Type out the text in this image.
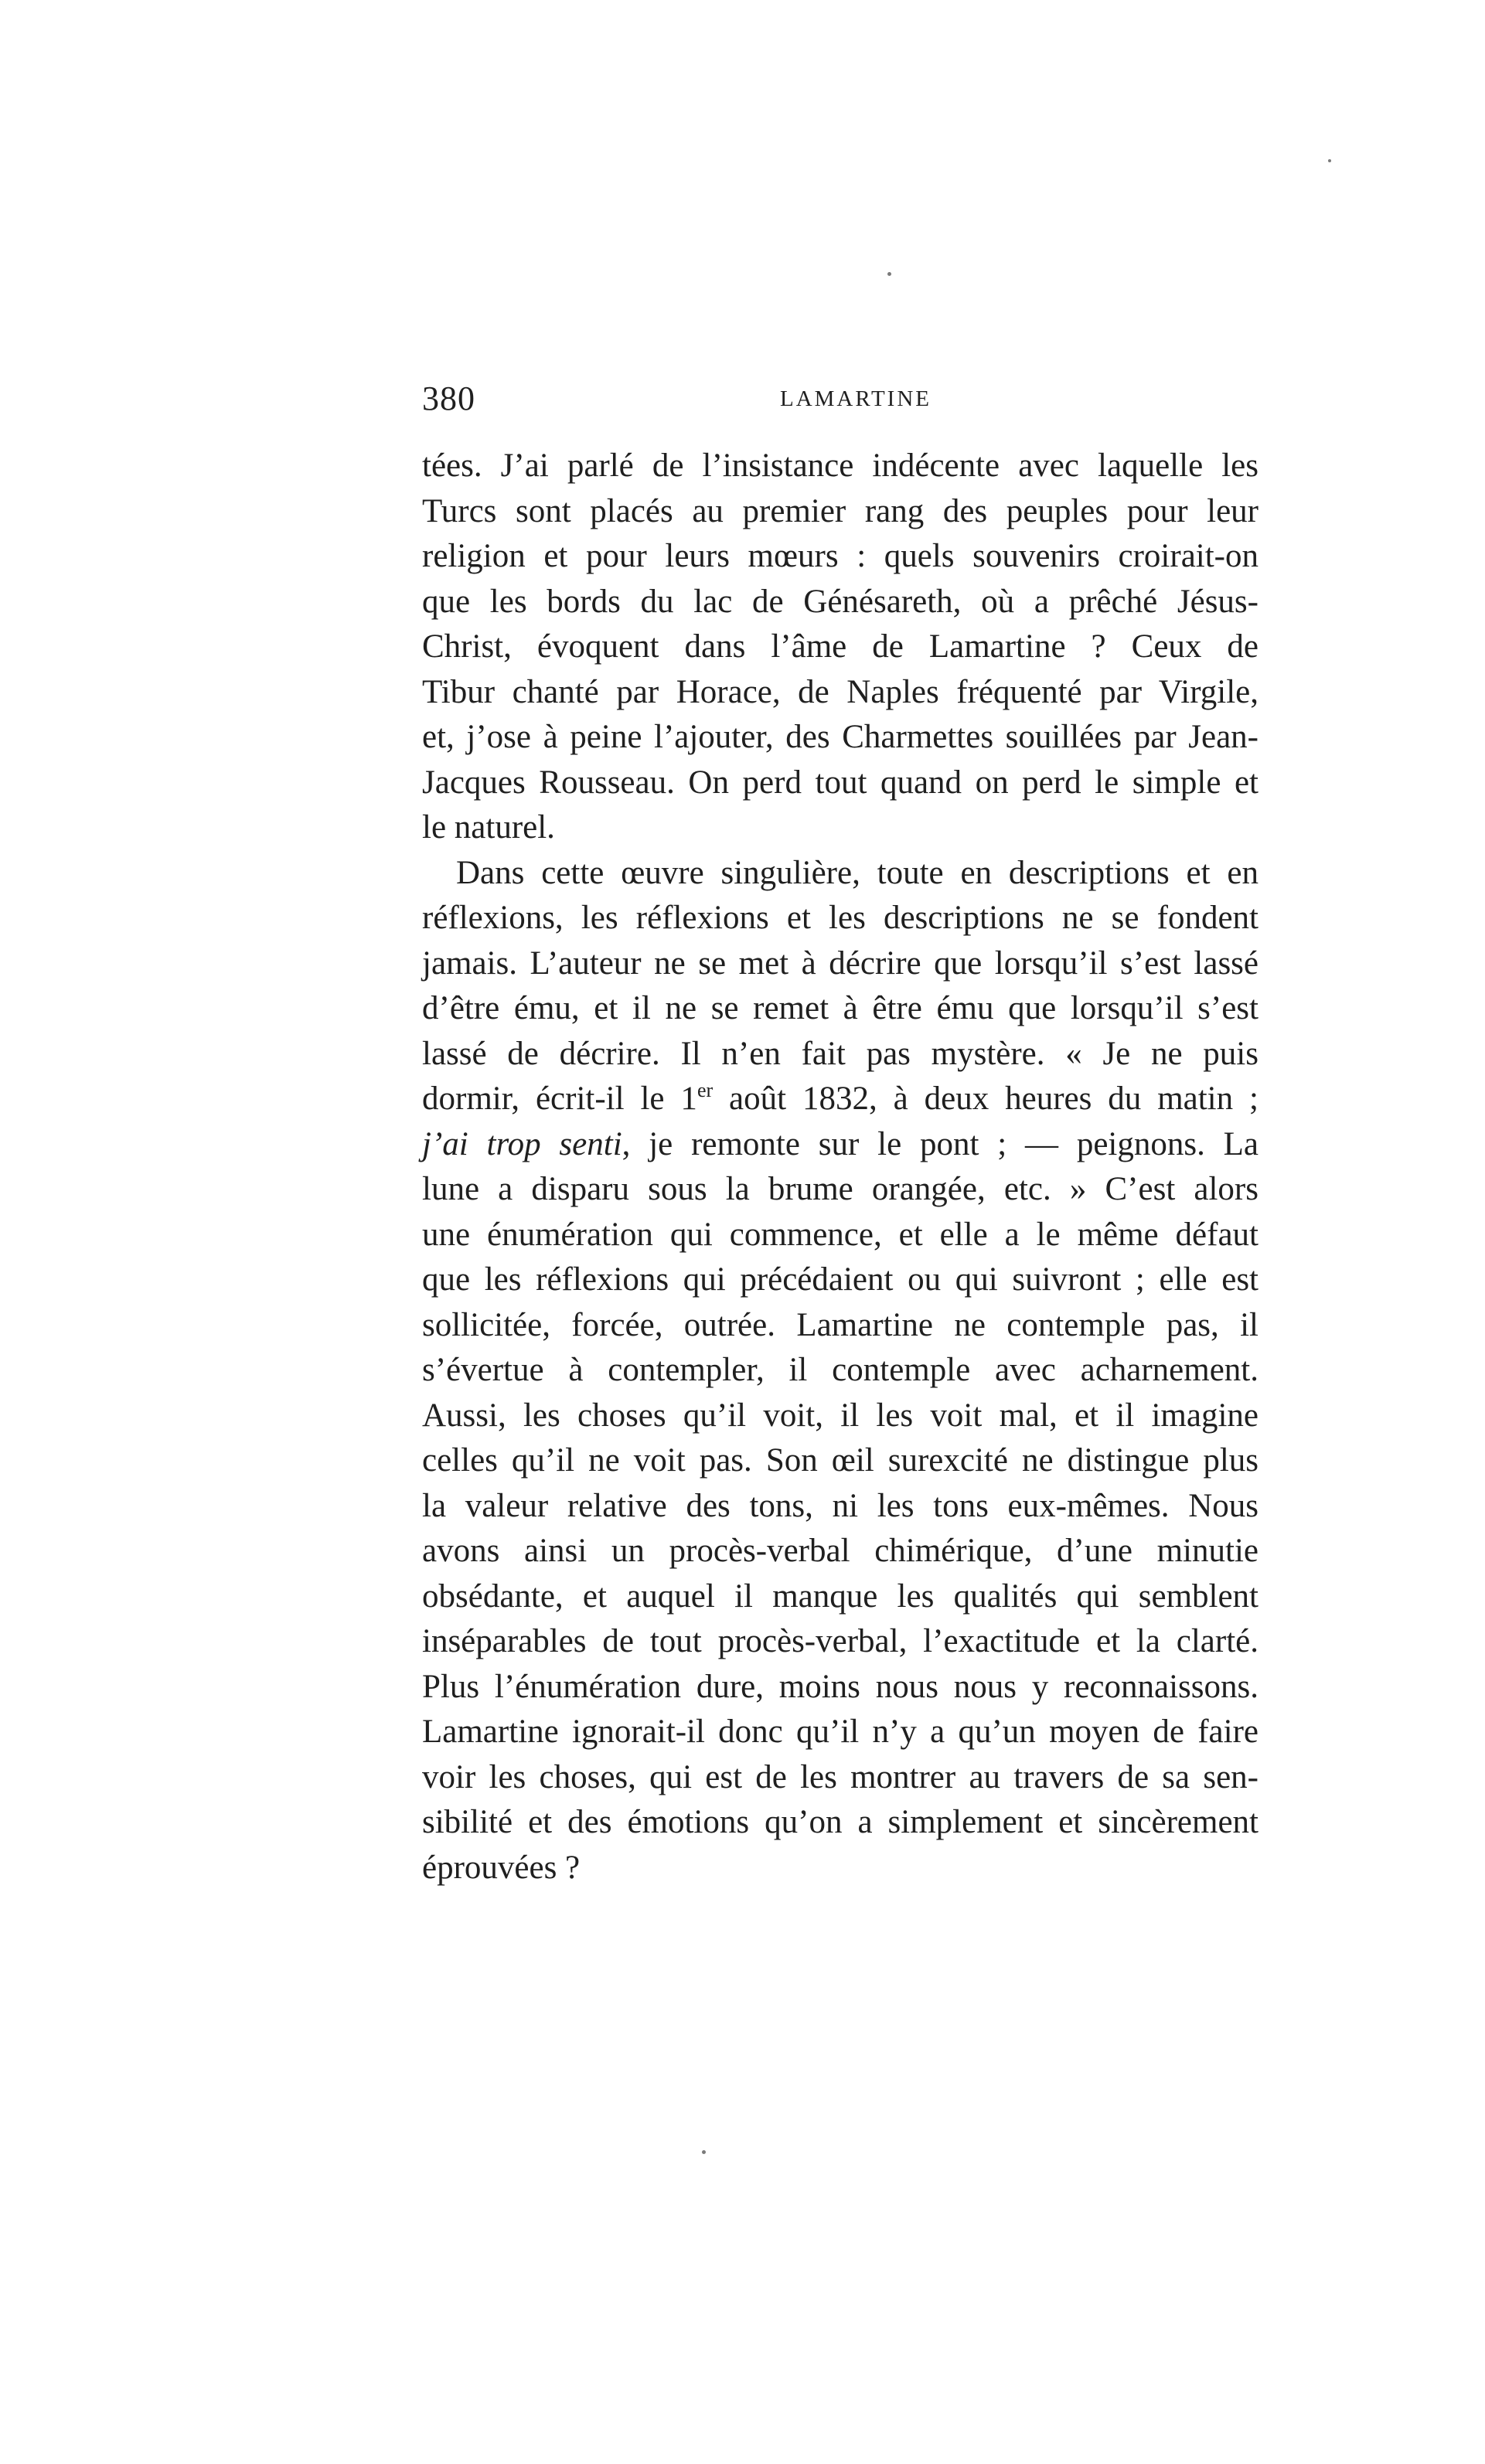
380	LAMARTINE
tées. J’ai parlé de l’insistance indécente avec laquelle les
Turcs sont placés au premier rang des peuples pour leur
religion et pour leurs mœurs : quels souvenirs croirait-on
que les bords du lac de Génésareth, où a prêché Jésus-
Christ, évoquent dans l’âme de Lamartine ? Ceux de
Tibur chanté par Horace, de Naples fréquenté par Virgile,
et, j’ose à peine l’ajouter, des Charmettes souillées par Jean-
Jacques Rousseau. On perd tout quand on perd le simple et
le naturel.
Dans cette œuvre singulière, toute en descriptions et en
réflexions, les réflexions et les descriptions ne se fondent
jamais. L’auteur ne se met à décrire que lorsqu’il s’est lassé
d’être ému, et il ne se remet à être ému que lorsqu’il s’est
lassé de décrire. Il n’en fait pas mystère. « Je ne puis
dormir, écrit-il le 1er août 1832, à deux heures du matin ;
j’ai trop senti, je remonte sur le pont ; — peignons. La
lune a disparu sous la brume orangée, etc. » C’est alors
une énumération qui commence, et elle a le même défaut
que les réflexions qui précédaient ou qui suivront ; elle est
sollicitée, forcée, outrée. Lamartine ne contemple pas, il
s’évertue à contempler, il contemple avec acharnement.
Aussi, les choses qu’il voit, il les voit mal, et il imagine
celles qu’il ne voit pas. Son œil surexcité ne distingue plus
la valeur relative des tons, ni les tons eux-mêmes. Nous
avons ainsi un procès-verbal chimérique, d’une minutie
obsédante, et auquel il manque les qualités qui semblent
inséparables de tout procès-verbal, l’exactitude et la clarté.
Plus l’énumération dure, moins nous nous y reconnaissons.
Lamartine ignorait-il donc qu’il n’y a qu’un moyen de faire
voir les choses, qui est de les montrer au travers de sa sen-
sibilité et des émotions qu’on a simplement et sincèrement
éprouvées ?
